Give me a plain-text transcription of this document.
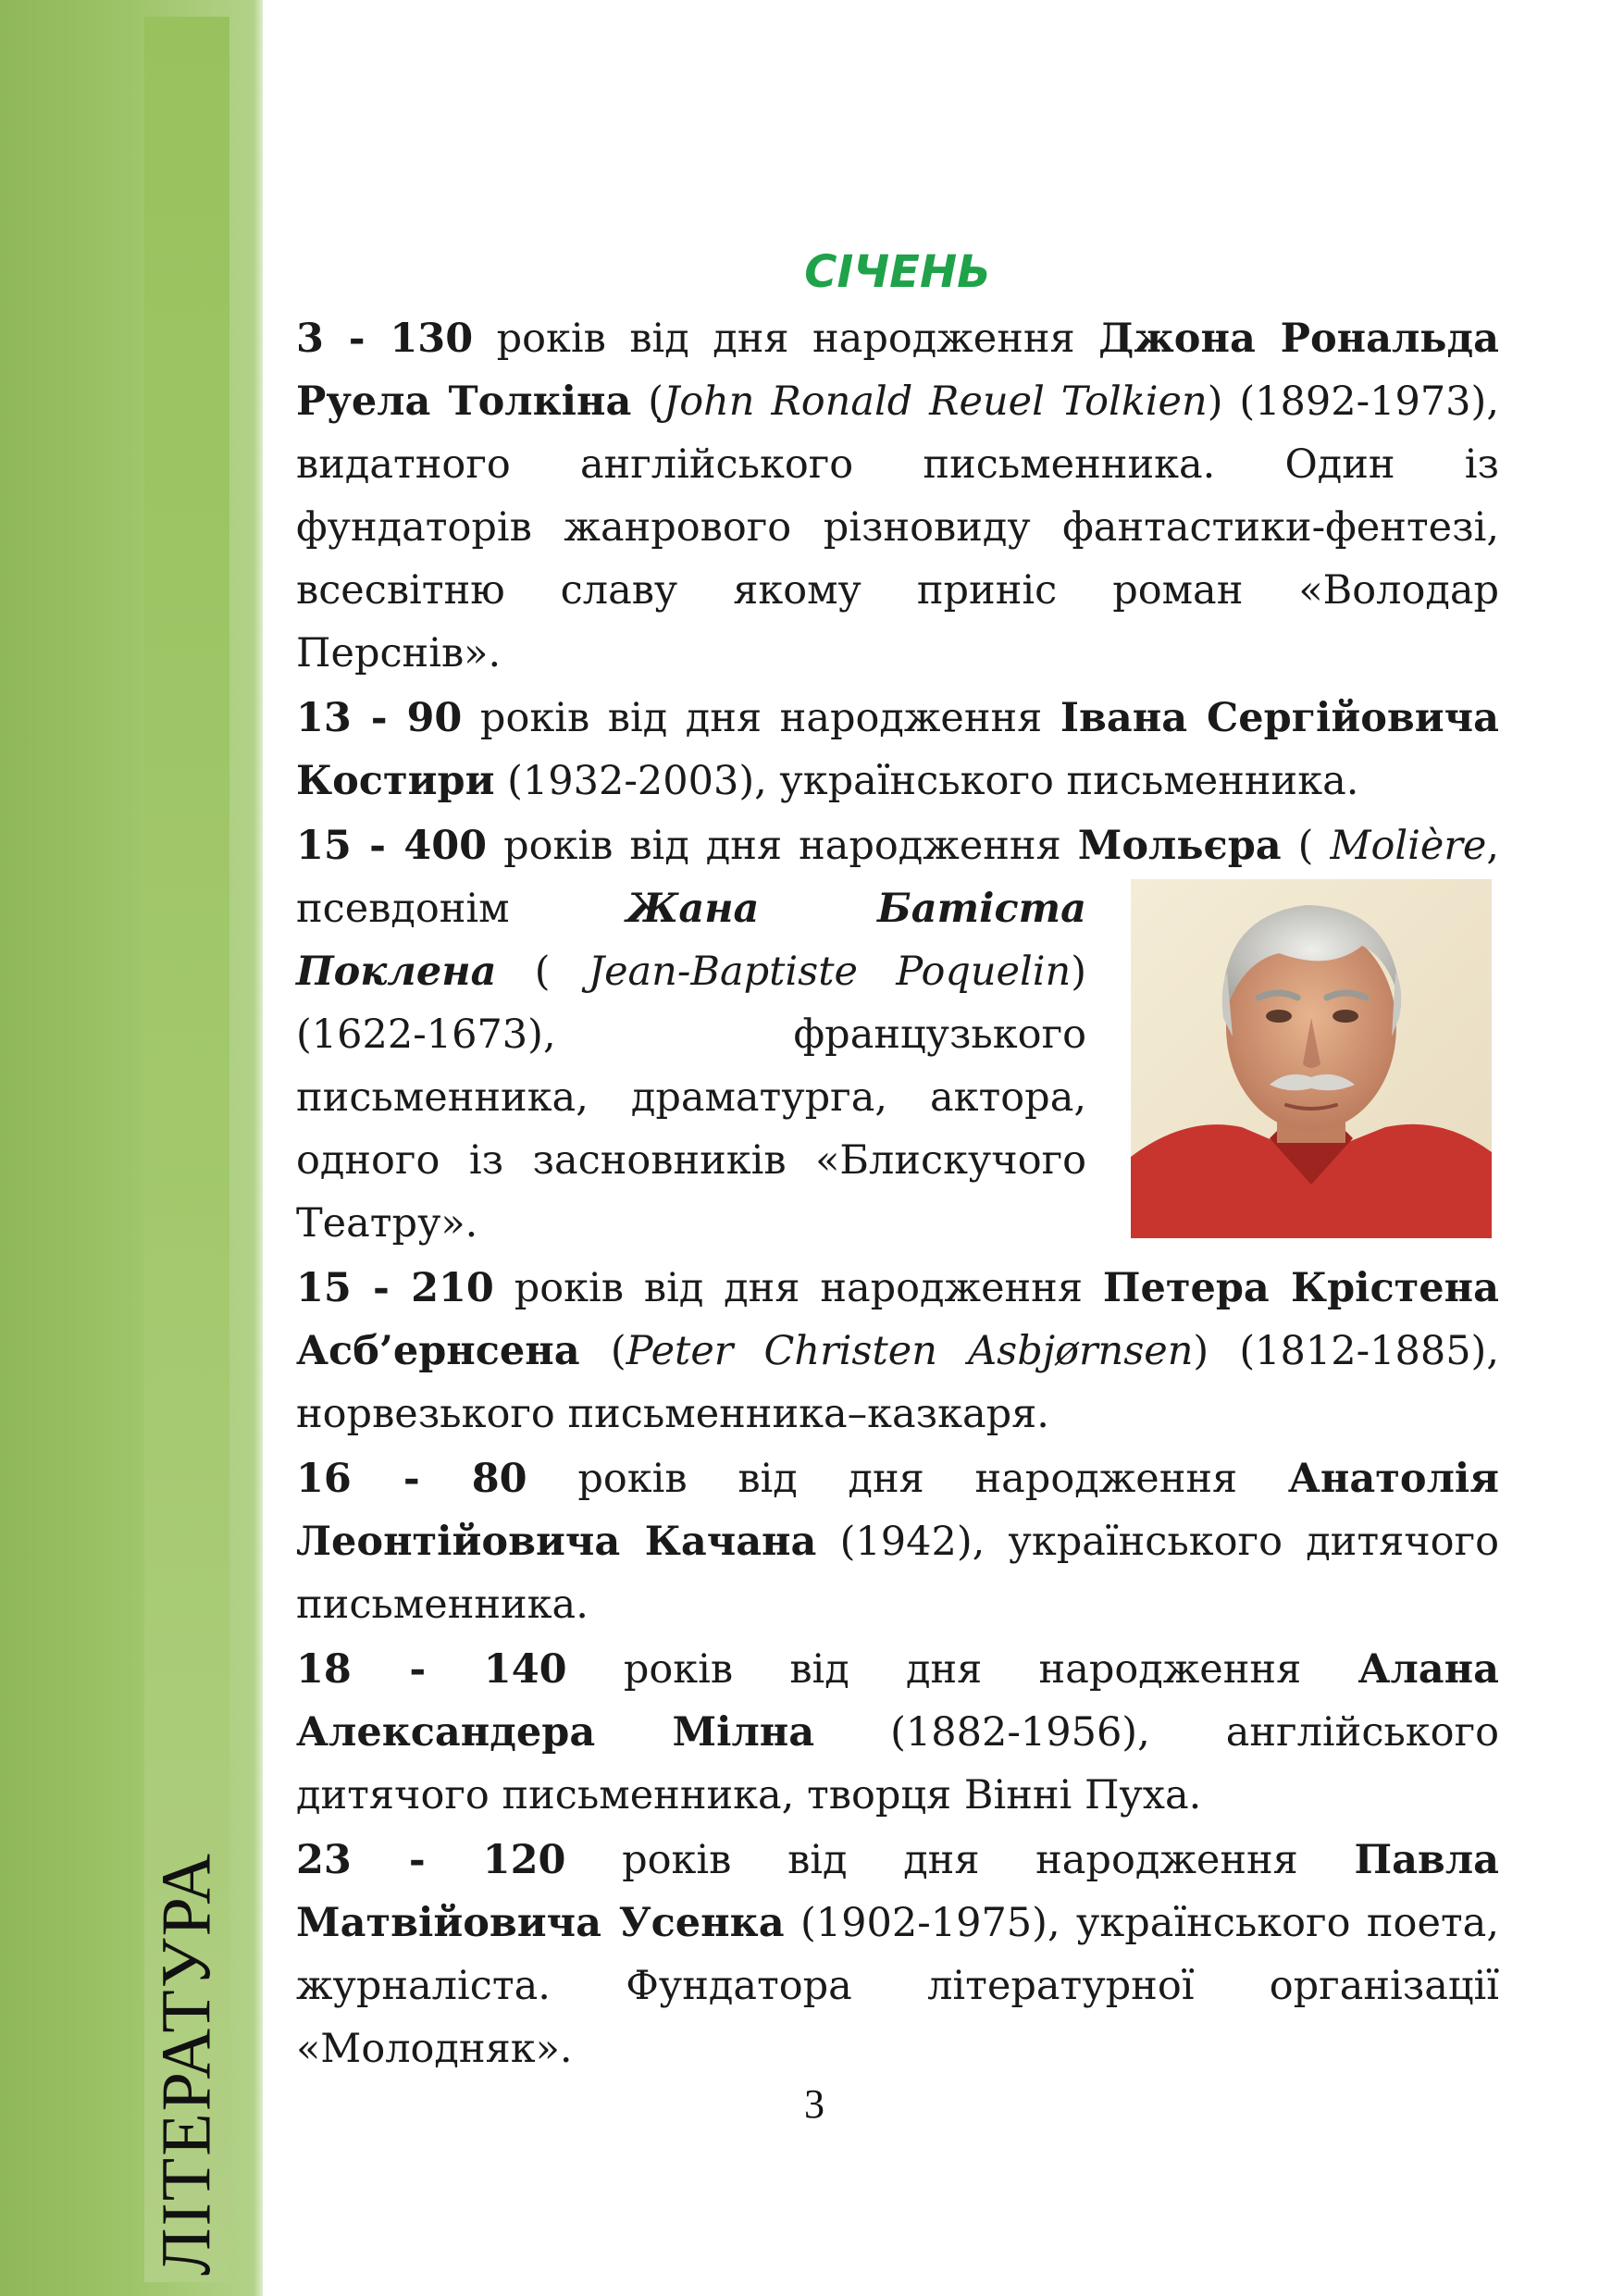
ЛІТЕРАТУРА
СІЧЕНЬ

3 - 130 років від дня народження Джона Рональда Руела Толкіна (John Ronald Reuel Tolkien) (1892-1973), видатного англійського письменника. Один із фундаторів жанрового різновиду фантастики-фентезі, всесвітню славу якому приніс роман «Володар Перснів».

13 - 90 років від дня народження Івана Сергійовича Костири (1932-2003), українського письменника.

15 - 400 років від дня народження Мольєра
( Molière, псевдонім Жана Батіста Поклена ( Jean-Baptiste Poquelin) (1622-1673), французького письменника, драматурга, актора, одного із засновників «Блискучого Театру».

15 - 210 років від дня народження Петера Крістена Асб’ернсена (Peter Christen Asbjørnsen) (1812-1885), норвезького письменника–казкаря.

16 - 80 років від дня народження Анатолія Леонтійовича Качана (1942), українського дитячого письменника.

18 - 140 років від дня народження Алана Александера Мілна (1882-1956), англійського дитячого письменника, творця Вінні Пуха.

23 - 120 років від дня народження Павла Матвійовича Усенка (1902-1975), українського поета, журналіста. Фундатора літературної організації «Молодняк».

3
